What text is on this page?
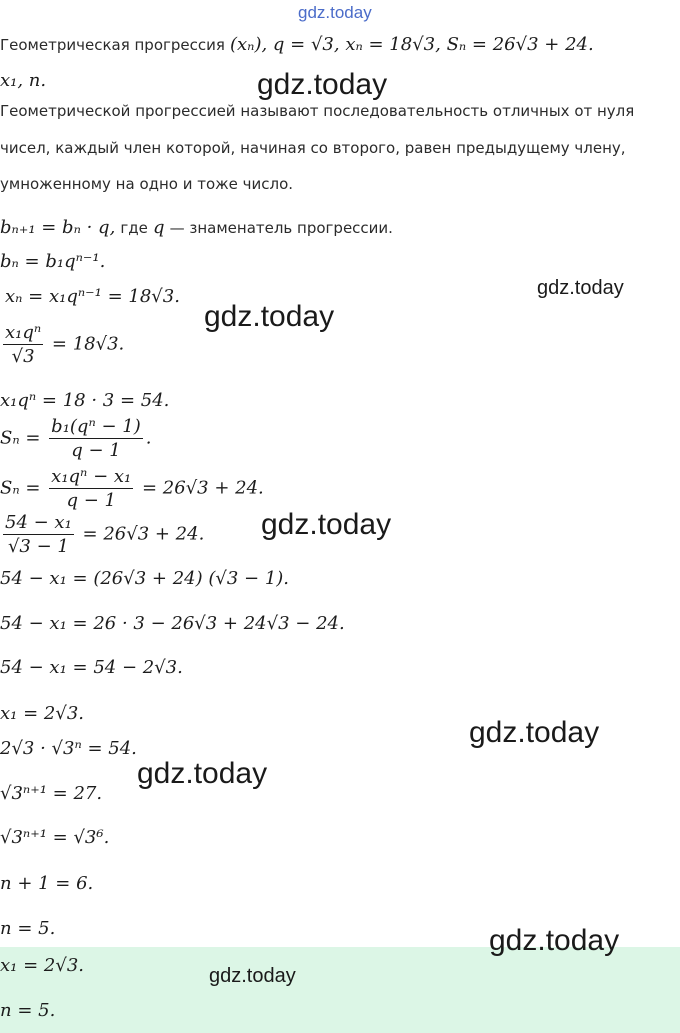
gdz.today
Геометрическая прогрессия (xₙ), q = √3, xₙ = 18√3, Sₙ = 26√3 + 24.
x₁, n.
Геометрической прогрессией называют последовательность отличных от нуля
чисел, каждый член которой, начиная со второго, равен предыдущему члену,
умноженному на одно и тоже число.
bₙ₊₁ = bₙ · q, где q — знаменатель прогрессии.
bₙ = b₁qⁿ⁻¹.
xₙ = x₁qⁿ⁻¹ = 18√3.
$\frac{\text{x₁qⁿ}}{√3} = 18√3$.
x₁qⁿ = 18 · 3 = 54.
$S_n = \frac{\text{b₁(qⁿ − 1)}}{q - 1}$ .
$S_n = \frac{\text{x₁qⁿ − x₁}}{q - 1} = 26√3 + 24$.
$\frac{\text{54 − x₁}}{√3 - 1} = 26√3 + 24$.
54 − x₁ = (26√3 + 24) (√3 − 1).
54 − x₁ = 26 · 3 − 26√3 + 24√3 − 24.
54 − x₁ = 54 − 2√3.
x₁ = 2√3.
2√3 · √3ⁿ = 54.
√3ⁿ⁺¹ = 27.
√3ⁿ⁺¹ = √3⁶.
n + 1 = 6.
n = 5.
x₁ = 2√3.
n = 5.
gdz.today
gdz.today
gdz.today
gdz.today
gdz.today
gdz.today
gdz.today
gdz.today
